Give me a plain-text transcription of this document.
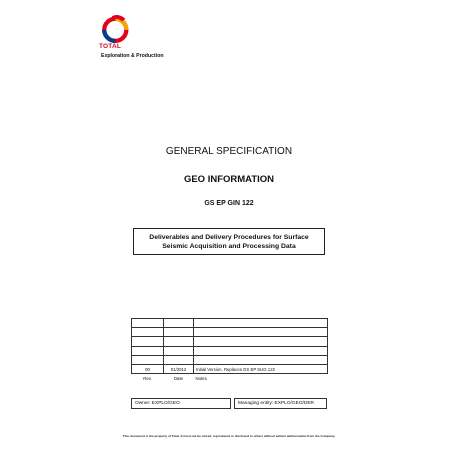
TOTAL
Exploration & Production
GENERAL SPECIFICATION
GEO INFORMATION
GS EP GIN 122
Deliverables and Delivery Procedures for Surface
Seismic Acquisition and Processing Data

00	01/2012	Initial Version. Replaces GS EP SUG 122
Rev.	Date	Notes
Owner: EXPLO/GEO	Managing entity: EXPLO/GEO/DER
This document is the property of Total. It must not be stored, reproduced or disclosed to others without written authorisation from the Company.
